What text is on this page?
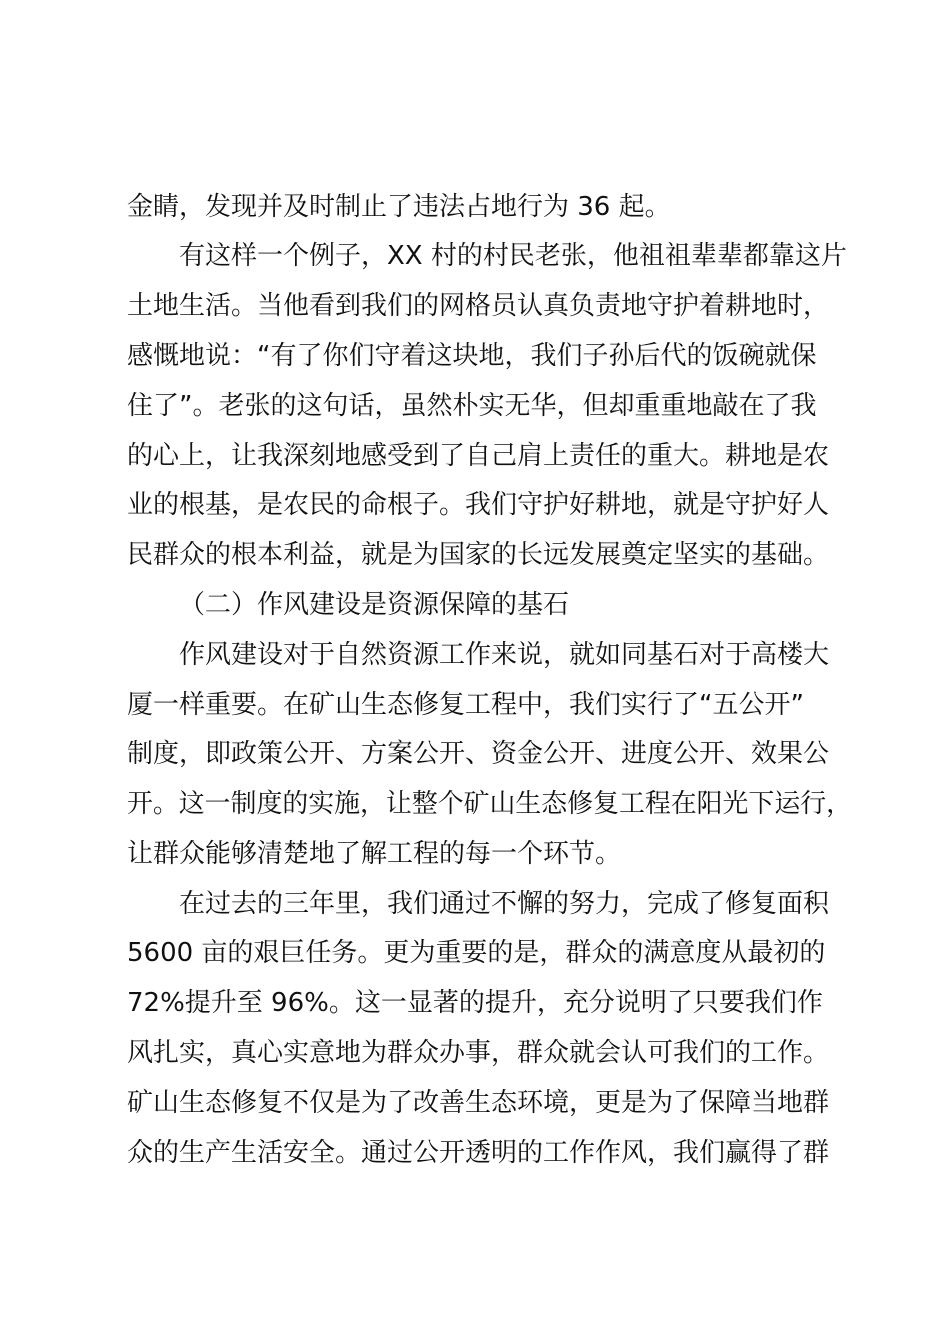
金睛，发现并及时制止了违法占地行为 36 起。
有这样一个例子，XX 村的村民老张，他祖祖辈辈都靠这片
土地生活。当他看到我们的网格员认真负责地守护着耕地时，
感慨地说：“有了你们守着这块地，我们子孙后代的饭碗就保
住了”。老张的这句话，虽然朴实无华，但却重重地敲在了我
的心上，让我深刻地感受到了自己肩上责任的重大。耕地是农
业的根基，是农民的命根子。我们守护好耕地，就是守护好人
民群众的根本利益，就是为国家的长远发展奠定坚实的基础。
（二）作风建设是资源保障的基石
作风建设对于自然资源工作来说，就如同基石对于高楼大
厦一样重要。在矿山生态修复工程中，我们实行了“五公开”
制度，即政策公开、方案公开、资金公开、进度公开、效果公
开。这一制度的实施，让整个矿山生态修复工程在阳光下运行，
让群众能够清楚地了解工程的每一个环节。
在过去的三年里，我们通过不懈的努力，完成了修复面积
5600 亩的艰巨任务。更为重要的是，群众的满意度从最初的
72%提升至 96%。这一显著的提升，充分说明了只要我们作
风扎实，真心实意地为群众办事，群众就会认可我们的工作。
矿山生态修复不仅是为了改善生态环境，更是为了保障当地群
众的生产生活安全。通过公开透明的工作作风，我们赢得了群
